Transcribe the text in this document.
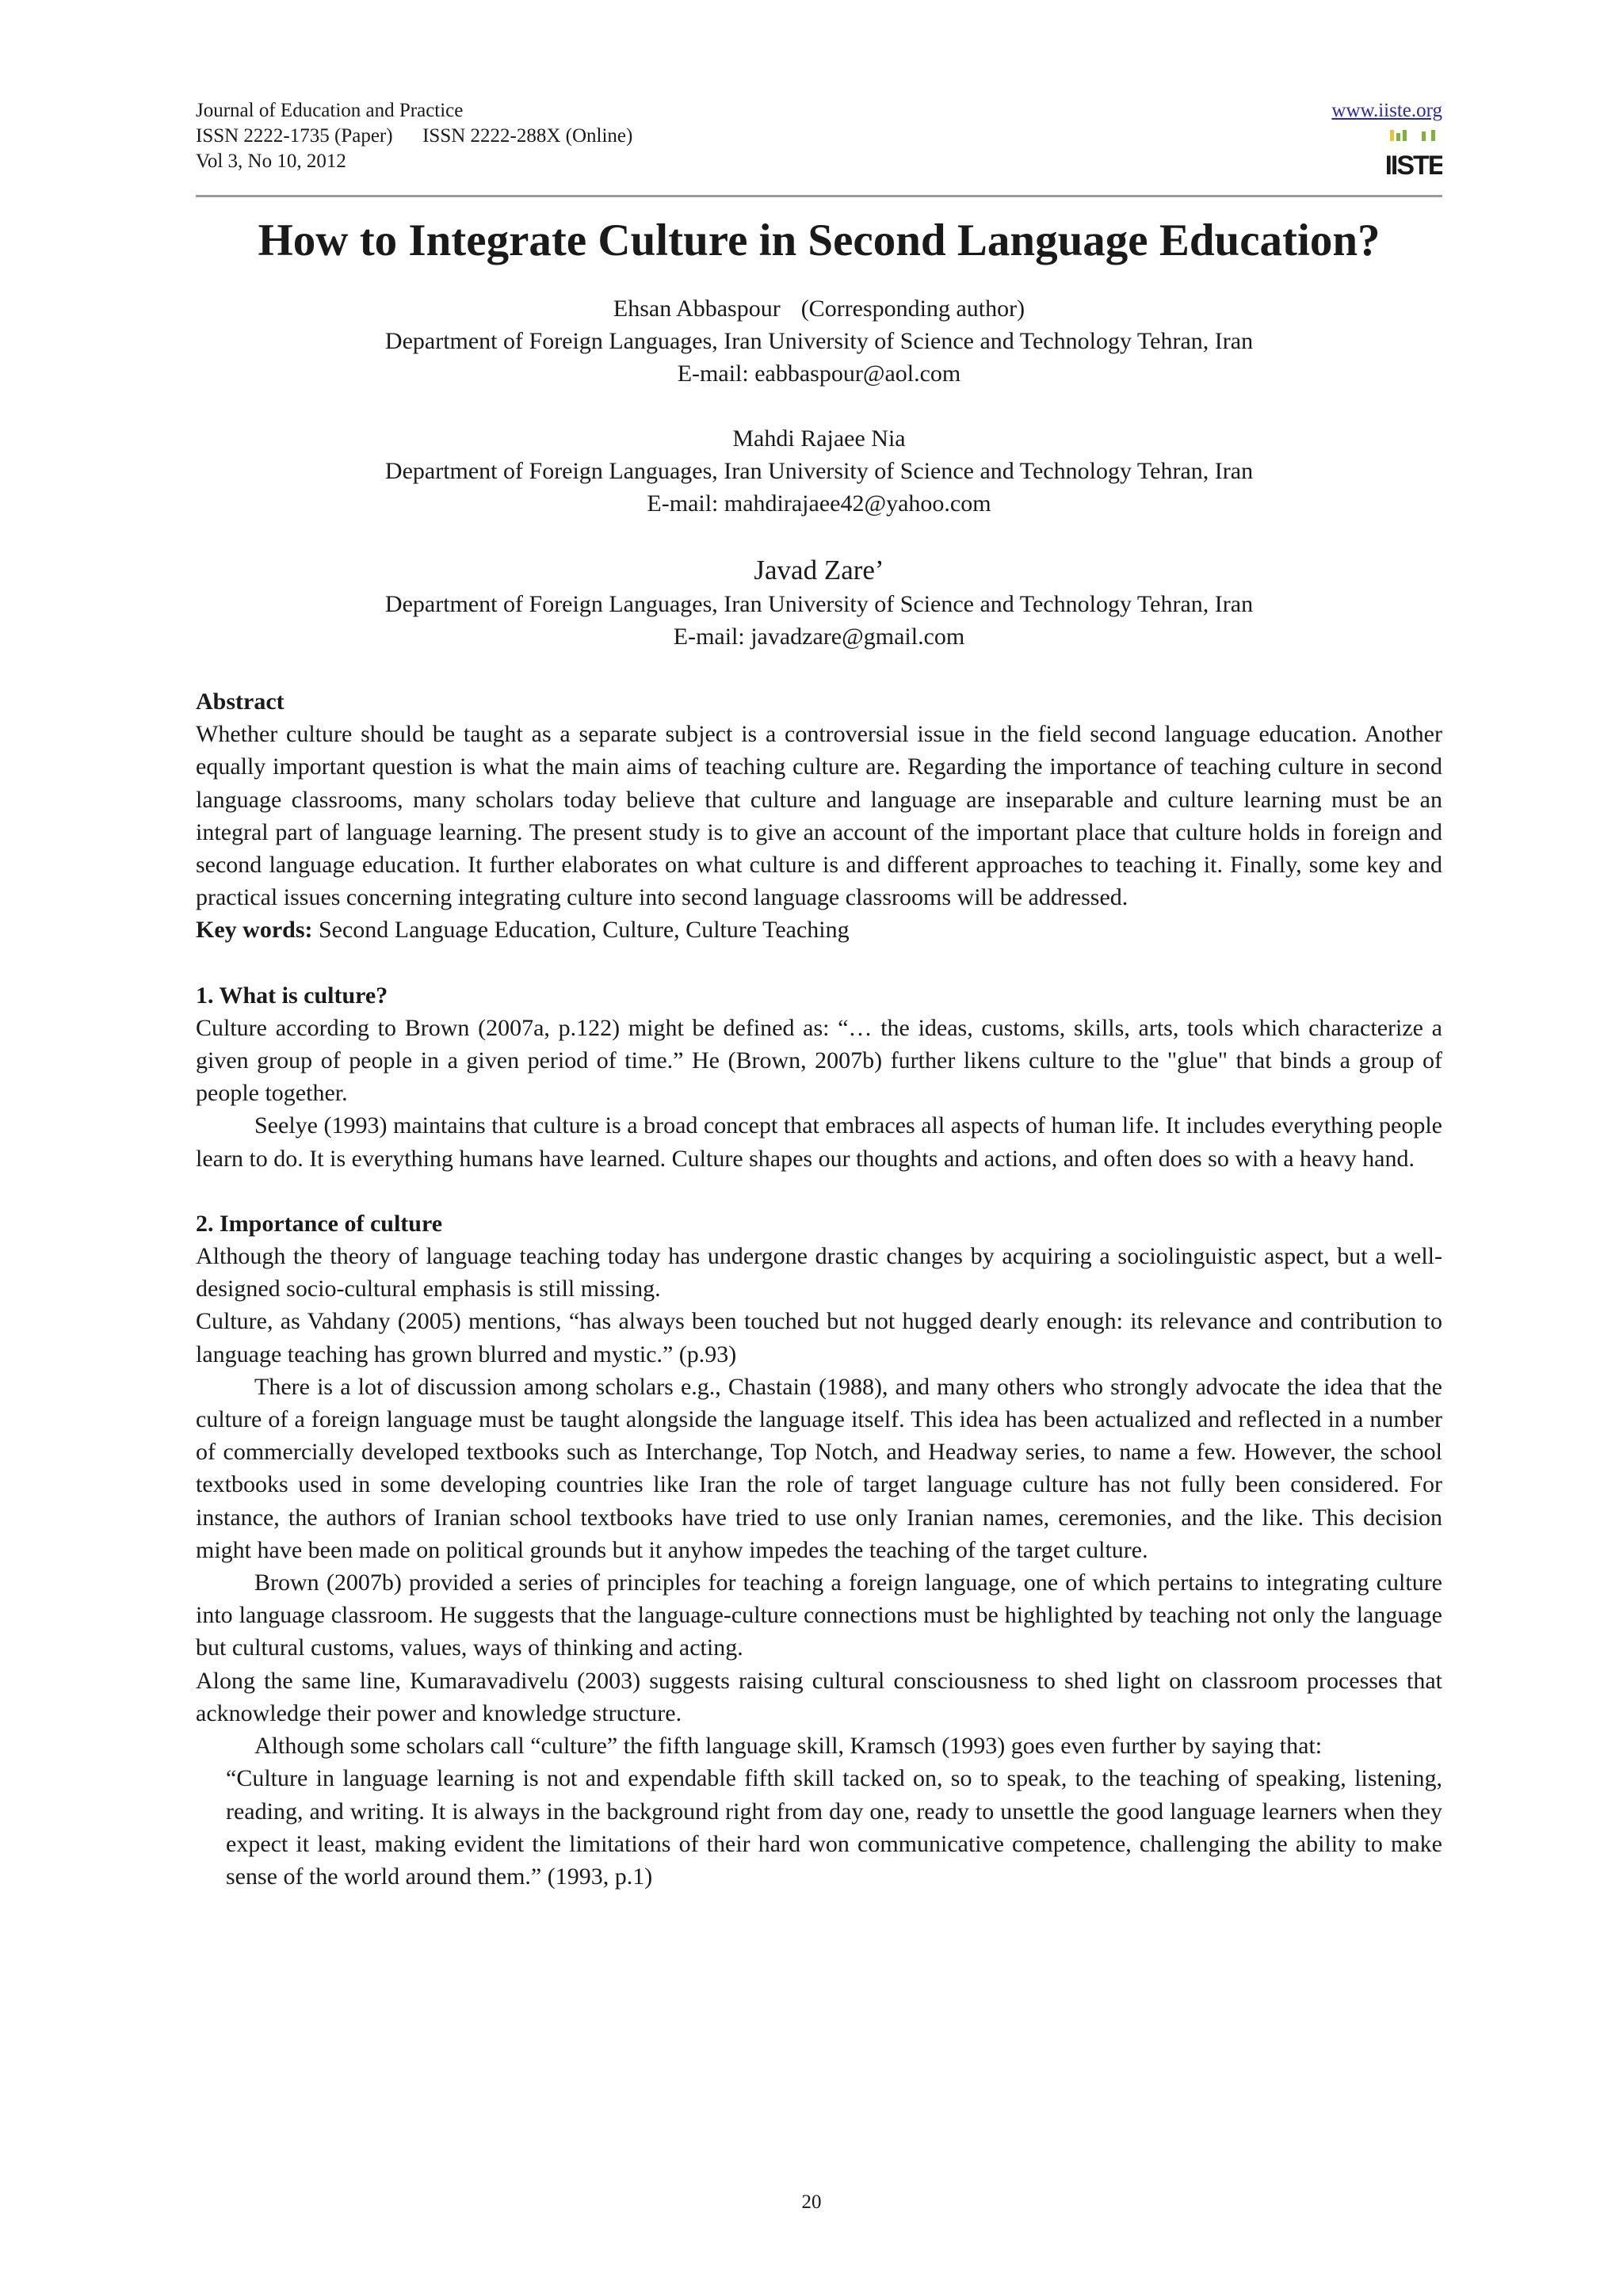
Journal of Education and Practice
ISSN 2222-1735 (Paper)      ISSN 2222-288X (Online)
Vol 3, No 10, 2012
www.iiste.org
IISTE
How to Integrate Culture in Second Language Education?
Ehsan Abbaspour (Corresponding author)
Department of Foreign Languages, Iran University of Science and Technology Tehran, Iran
E-mail: eabbaspour@aol.com
Mahdi Rajaee Nia
Department of Foreign Languages, Iran University of Science and Technology Tehran, Iran
E-mail: mahdirajaee42@yahoo.com
Javad Zare’
Department of Foreign Languages, Iran University of Science and Technology Tehran, Iran
E-mail: javadzare@gmail.com

Abstract

Whether culture should be taught as a separate subject is a controversial issue in the field second language education. Another equally important question is what the main aims of teaching culture are. Regarding the importance of teaching culture in second language classrooms, many scholars today believe that culture and language are inseparable and culture learning must be an integral part of language learning. The present study is to give an account of the important place that culture holds in foreign and second language education. It further elaborates on what culture is and different approaches to teaching it. Finally, some key and practical issues concerning integrating culture into second language classrooms will be addressed.

Key words: Second Language Education, Culture, Culture Teaching

1. What is culture?

Culture according to Brown (2007a, p.122) might be defined as: “… the ideas, customs, skills, arts, tools which characterize a given group of people in a given period of time.” He (Brown, 2007b) further likens culture to the "glue" that binds a group of people together.

Seelye (1993) maintains that culture is a broad concept that embraces all aspects of human life. It includes everything people learn to do. It is everything humans have learned. Culture shapes our thoughts and actions, and often does so with a heavy hand.

2. Importance of culture

Although the theory of language teaching today has undergone drastic changes by acquiring a sociolinguistic aspect, but a well-designed socio-cultural emphasis is still missing.

Culture, as Vahdany (2005) mentions, “has always been touched but not hugged dearly enough: its relevance and contribution to language teaching has grown blurred and mystic.” (p.93)

There is a lot of discussion among scholars e.g., Chastain (1988), and many others who strongly advocate the idea that the culture of a foreign language must be taught alongside the language itself. This idea has been actualized and reflected in a number of commercially developed textbooks such as Interchange, Top Notch, and Headway series, to name a few. However, the school textbooks used in some developing countries like Iran the role of target language culture has not fully been considered. For instance, the authors of Iranian school textbooks have tried to use only Iranian names, ceremonies, and the like. This decision might have been made on political grounds but it anyhow impedes the teaching of the target culture.

Brown (2007b) provided a series of principles for teaching a foreign language, one of which pertains to integrating culture into language classroom. He suggests that the language-culture connections must be highlighted by teaching not only the language but cultural customs, values, ways of thinking and acting.

Along the same line, Kumaravadivelu (2003) suggests raising cultural consciousness to shed light on classroom processes that acknowledge their power and knowledge structure.

Although some scholars call “culture” the fifth language skill, Kramsch (1993) goes even further by saying that:

“Culture in language learning is not and expendable fifth skill tacked on, so to speak, to the teaching of speaking, listening, reading, and writing. It is always in the background right from day one, ready to unsettle the good language learners when they expect it least, making evident the limitations of their hard won communicative competence, challenging the ability to make sense of the world around them.” (1993, p.1)

20
